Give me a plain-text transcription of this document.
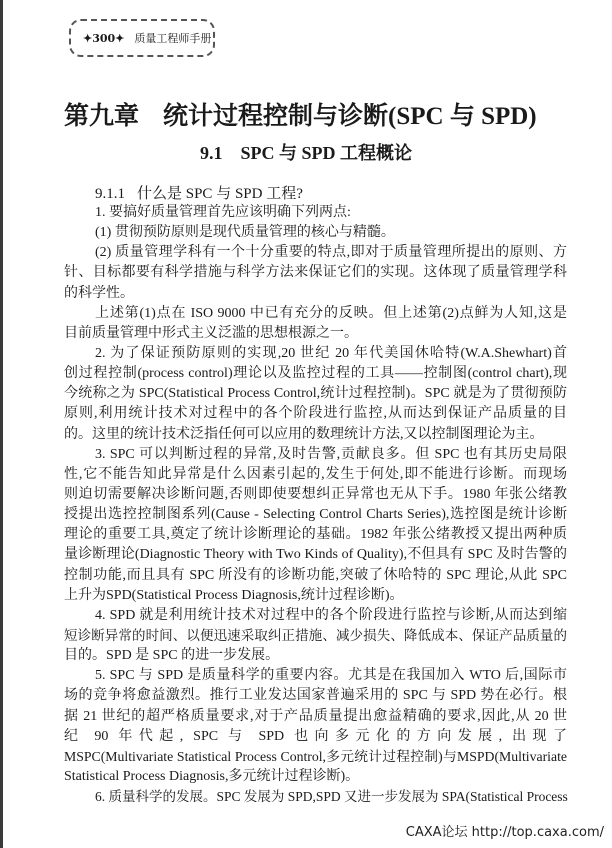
✦300✦ 质量工程师手册
第九章 统计过程控制与诊断(SPC 与 SPD)
9.1 SPC 与 SPD 工程概论
9.1.1 什么是 SPC 与 SPD 工程?
1. 要搞好质量管理首先应该明确下列两点:
(1) 贯彻预防原则是现代质量管理的核心与精髓。
(2) 质量管理学科有一个十分重要的特点,即对于质量管理所提出的原则、方
针、目标都要有科学措施与科学方法来保证它们的实现。这体现了质量管理学科
的科学性。
上述第(1)点在 ISO 9000 中已有充分的反映。但上述第(2)点鲜为人知,这是
目前质量管理中形式主义泛滥的思想根源之一。
2. 为了保证预防原则的实现,20 世纪 20 年代美国休哈特(W.A.Shewhart)首
创过程控制(process control)理论以及监控过程的工具——控制图(control chart),现
今统称之为 SPC(Statistical Process Control,统计过程控制)。SPC 就是为了贯彻预防
原则,利用统计技术对过程中的各个阶段进行监控,从而达到保证产品质量的目
的。这里的统计技术泛指任何可以应用的数理统计方法,又以控制图理论为主。
3. SPC 可以判断过程的异常,及时告警,贡献良多。但 SPC 也有其历史局限
性,它不能告知此异常是什么因素引起的,发生于何处,即不能进行诊断。而现场
则迫切需要解决诊断问题,否则即使要想纠正异常也无从下手。1980 年张公绪教
授提出选控控制图系列(Cause - Selecting Control Charts Series),选控图是统计诊断
理论的重要工具,奠定了统计诊断理论的基础。1982 年张公绪教授又提出两种质
量诊断理论(Diagnostic Theory with Two Kinds of Quality),不但具有 SPC 及时告警的
控制功能,而且具有 SPC 所没有的诊断功能,突破了休哈特的 SPC 理论,从此 SPC
上升为SPD(Statistical Process Diagnosis,统计过程诊断)。
4. SPD 就是利用统计技术对过程中的各个阶段进行监控与诊断,从而达到缩
短诊断异常的时间、以便迅速采取纠正措施、减少损失、降低成本、保证产品质量的
目的。SPD 是 SPC 的进一步发展。
5. SPC 与 SPD 是质量科学的重要内容。尤其是在我国加入 WTO 后,国际市
场的竞争将愈益激烈。推行工业发达国家普遍采用的 SPC 与 SPD 势在必行。根
据 21 世纪的超严格质量要求,对于产品质量提出愈益精确的要求,因此,从 20 世
纪 90 年代起, SPC 与 SPD 也向多元化的方向发展, 出现了
MSPC(Multivariate Statistical Process Control,多元统计过程控制)与MSPD(Multivariate
Statistical Process Diagnosis,多元统计过程诊断)。
6. 质量科学的发展。SPC 发展为 SPD,SPD 又进一步发展为 SPA(Statistical Process
CAXA论坛 http://top.caxa.com/
